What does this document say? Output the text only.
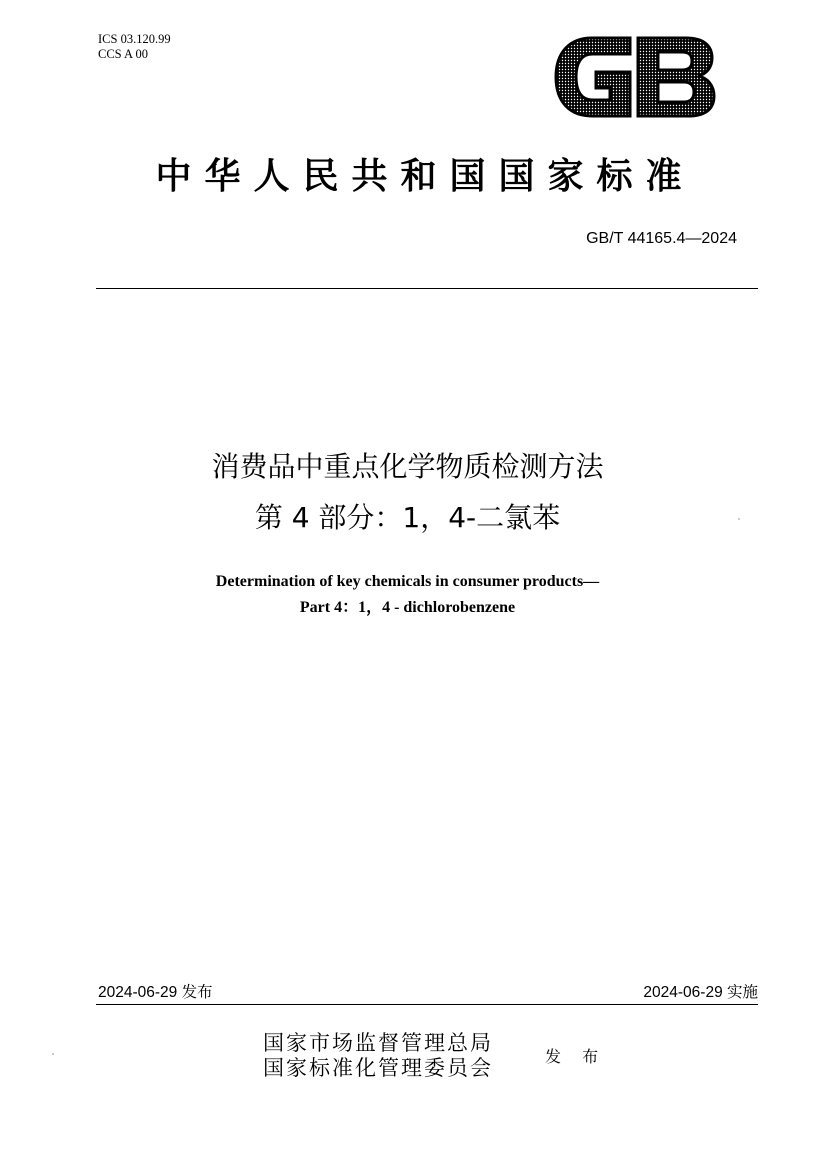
ICS 03.120.99
CCS A 00
中华人民共和国国家标准
GB/T 44165.4—2024
消费品中重点化学物质检测方法
第 4 部分：1，4-二氯苯
Determination of key chemicals in consumer products—
Part 4：1，4 - dichlorobenzene
2024-06-29 发布	2024-06-29 实施
国家市场监督管理总局
国家标准化管理委员会	发 布
